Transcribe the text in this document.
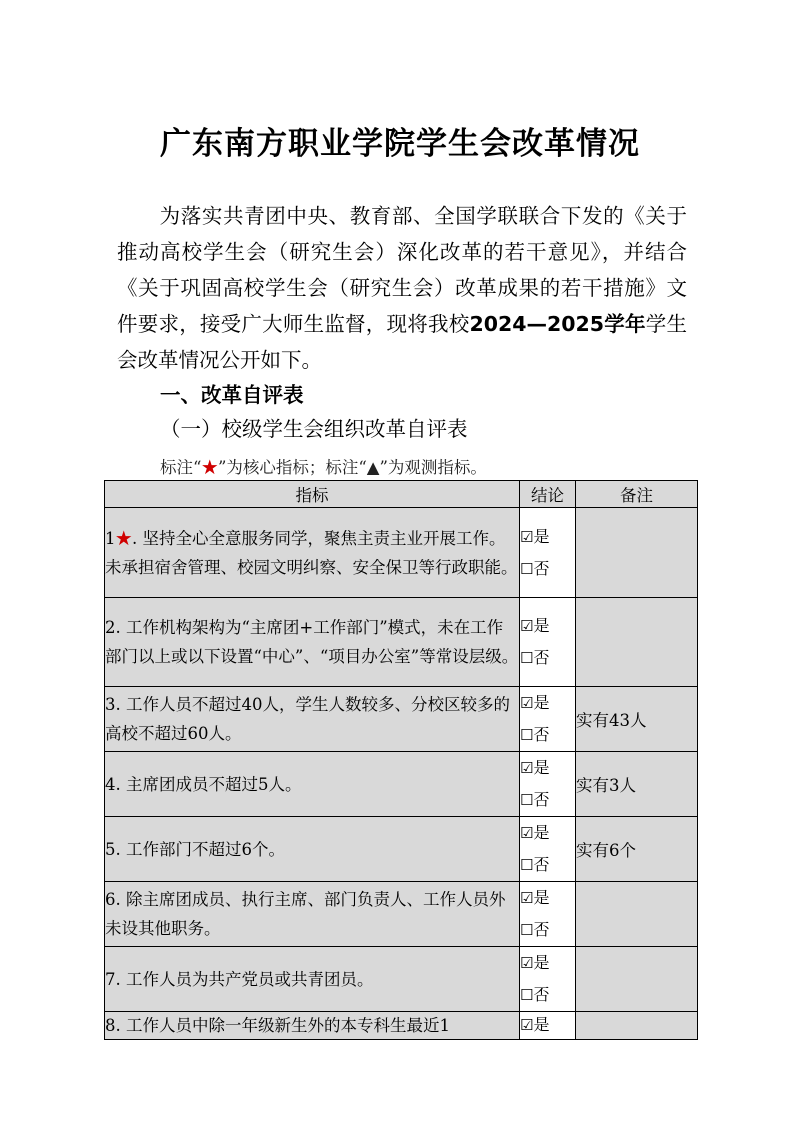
广东南方职业学院学生会改革情况
为落实共青团中央、教育部、全国学联联合下发的《关于推动高校学生会（研究生会）深化改革的若干意见》，并结合《关于巩固高校学生会（研究生会）改革成果的若干措施》文件要求，接受广大师生监督，现将我校2024—2025学年学生会改革情况公开如下。
一、改革自评表
（一）校级学生会组织改革自评表
标注“★”为核心指标；标注“▲”为观测指标。
指标	结论	备注
1★. 坚持全心全意服务同学，聚焦主责主业开展工作。未承担宿舍管理、校园文明纠察、安全保卫等行政职能。	☑是
☐否	

2. 工作机构架构为“主席团+工作部门”模式，未在工作部门以上或以下设置“中心”、“项目办公室”等常设层级。	☑是
☐否	

3. 工作人员不超过40人，学生人数较多、分校区较多的高校不超过60人。	☑是
☐否	实有43人
4. 主席团成员不超过5人。	☑是
☐否	实有3人
5. 工作部门不超过6个。	☑是
☐否	实有6个
6. 除主席团成员、执行主席、部门负责人、工作人员外未设其他职务。	☑是
☐否	

7. 工作人员为共产党员或共青团员。	☑是
☐否	

8. 工作人员中除一年级新生外的本专科生最近1	☑是	
